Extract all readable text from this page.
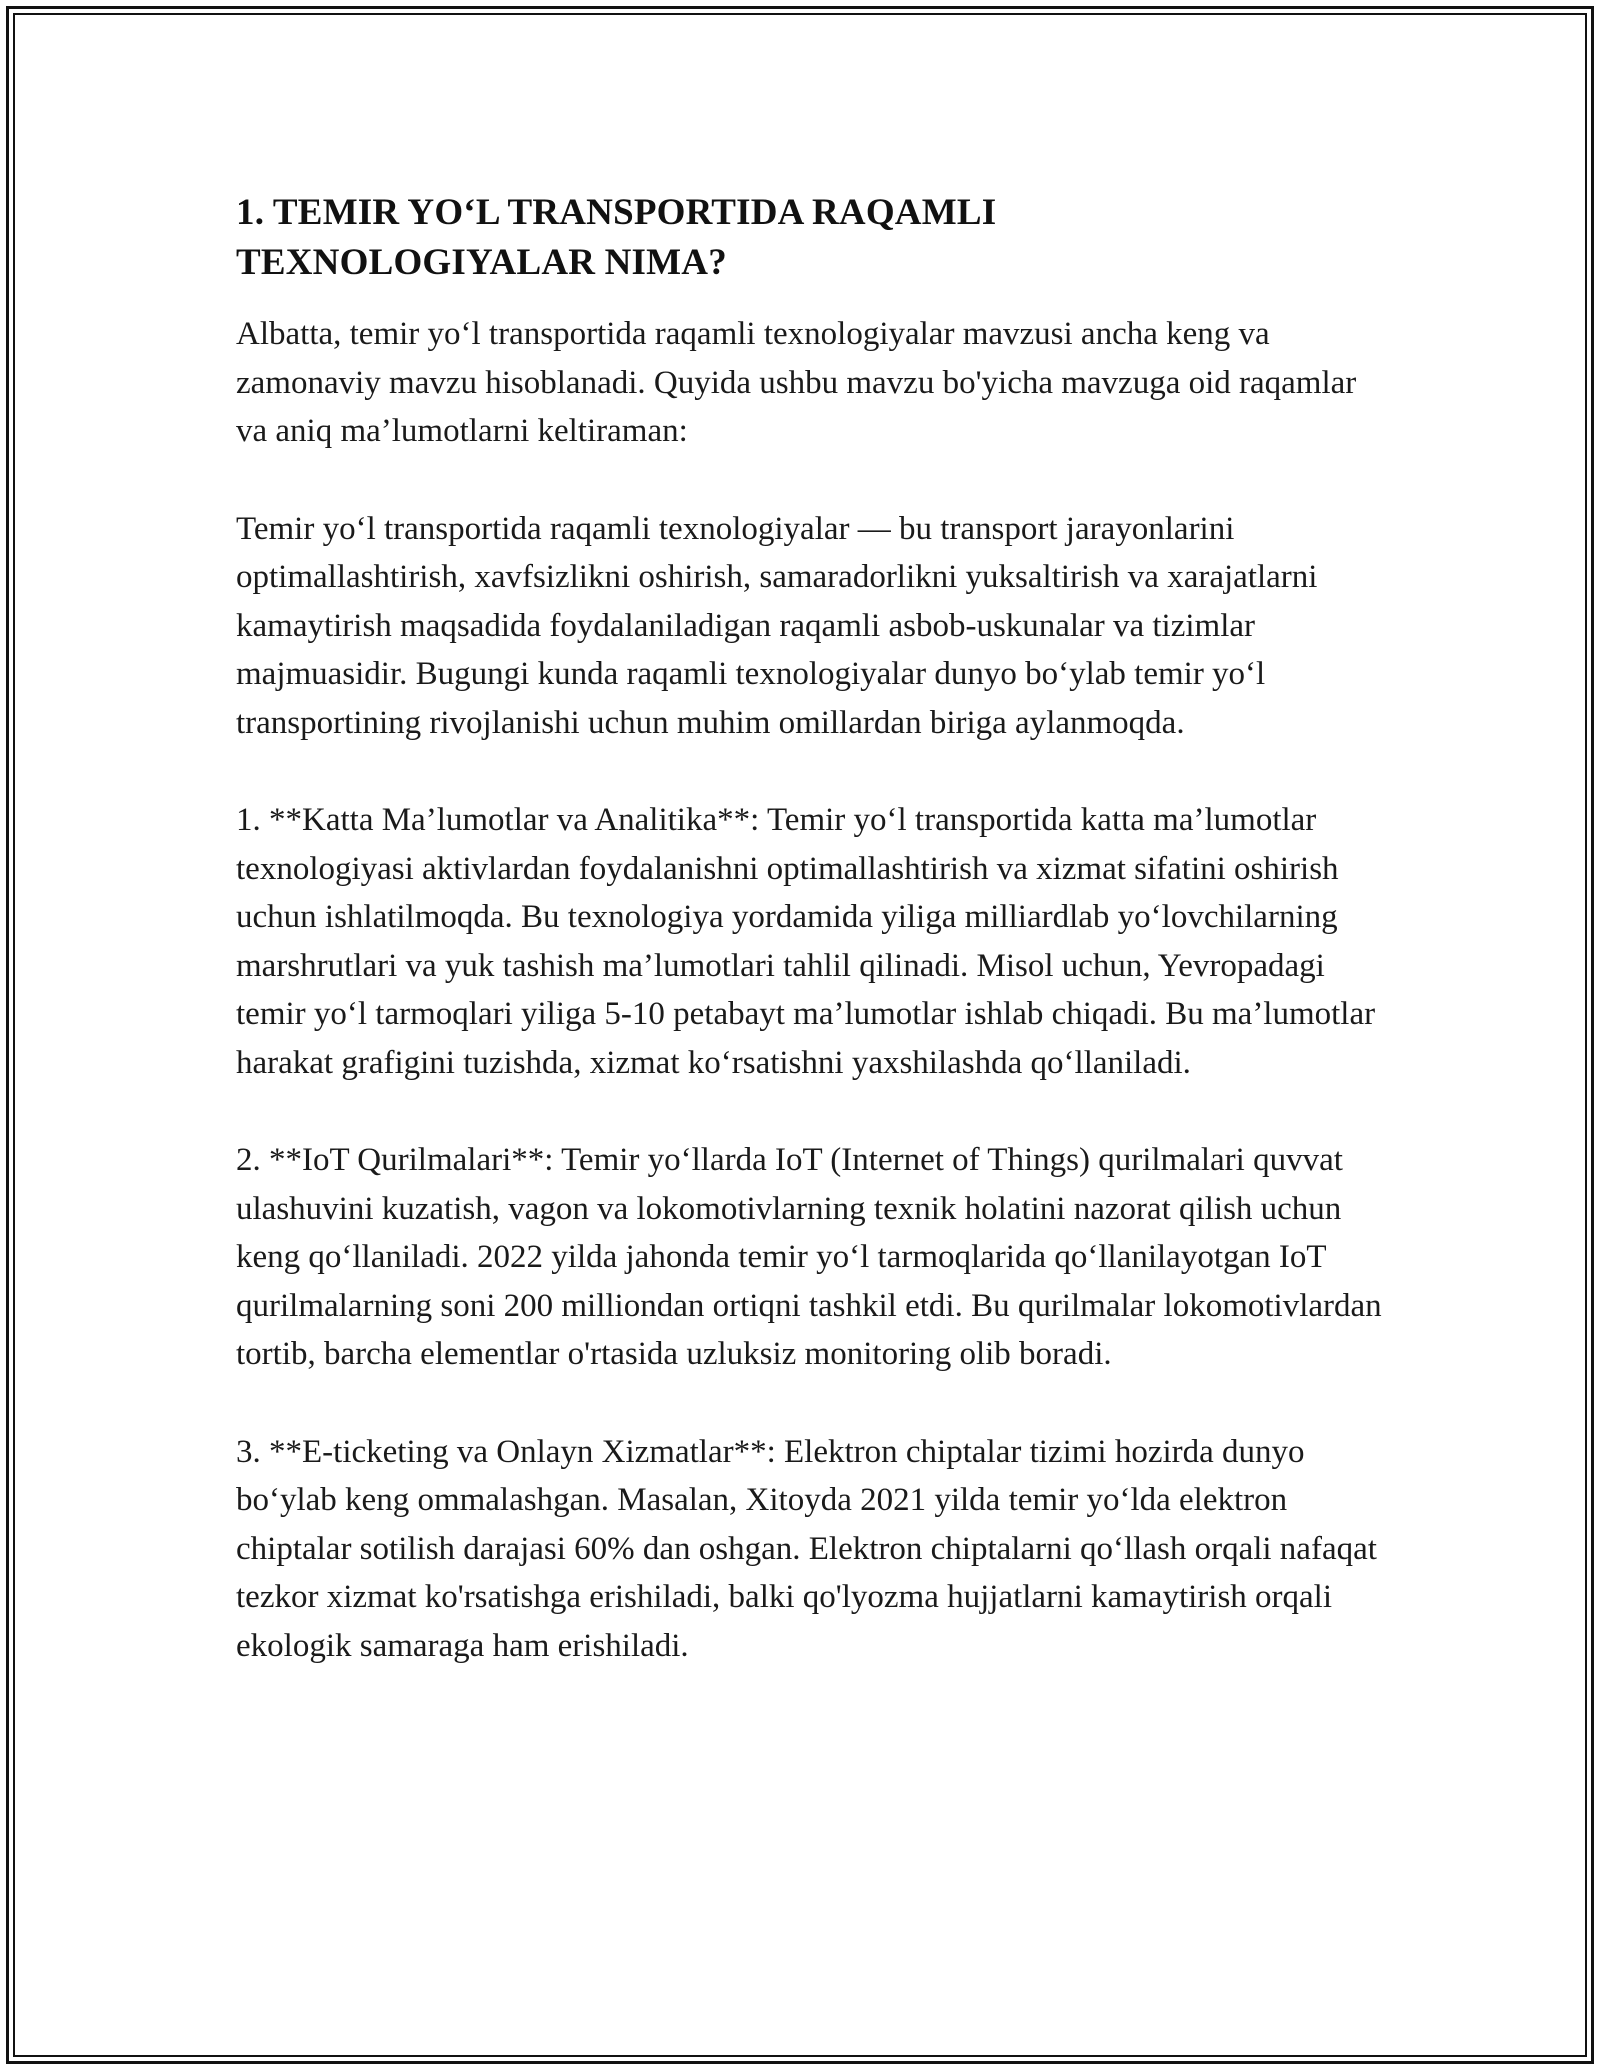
1. TEMIR YO‘L TRANSPORTIDA RAQAMLI
TEXNOLOGIYALAR NIMA?

Albatta, temir yo‘l transportida raqamli texnologiyalar mavzusi ancha keng va zamonaviy mavzu hisoblanadi. Quyida ushbu mavzu bo'yicha mavzuga oid raqamlar va aniq ma’lumotlarni keltiraman:

Temir yo‘l transportida raqamli texnologiyalar — bu transport jarayonlarini optimallashtirish, xavfsizlikni oshirish, samaradorlikni yuksaltirish va xarajatlarni kamaytirish maqsadida foydalaniladigan raqamli asbob-uskunalar va tizimlar majmuasidir. Bugungi kunda raqamli texnologiyalar dunyo bo‘ylab temir yo‘l transportining rivojlanishi uchun muhim omillardan biriga aylanmoqda.

1. **Katta Ma’lumotlar va Analitika**: Temir yo‘l transportida katta ma’lumotlar texnologiyasi aktivlardan foydalanishni optimallashtirish va xizmat sifatini oshirish uchun ishlatilmoqda. Bu texnologiya yordamida yiliga milliardlab yo‘lovchilarning marshrutlari va yuk tashish ma’lumotlari tahlil qilinadi. Misol uchun, Yevropadagi temir yo‘l tarmoqlari yiliga 5-10 petabayt ma’lumotlar ishlab chiqadi. Bu ma’lumotlar harakat grafigini tuzishda, xizmat ko‘rsatishni yaxshilashda qo‘llaniladi.

2. **IoT Qurilmalari**: Temir yo‘llarda IoT (Internet of Things) qurilmalari quvvat ulashuvini kuzatish, vagon va lokomotivlarning texnik holatini nazorat qilish uchun keng qo‘llaniladi. 2022 yilda jahonda temir yo‘l tarmoqlarida qo‘llanilayotgan IoT qurilmalarning soni 200 milliondan ortiqni tashkil etdi. Bu qurilmalar lokomotivlardan tortib, barcha elementlar o'rtasida uzluksiz monitoring olib boradi.

3. **E-ticketing va Onlayn Xizmatlar**: Elektron chiptalar tizimi hozirda dunyo bo‘ylab keng ommalashgan. Masalan, Xitoyda 2021 yilda temir yo‘lda elektron chiptalar sotilish darajasi 60% dan oshgan. Elektron chiptalarni qo‘llash orqali nafaqat tezkor xizmat ko'rsatishga erishiladi, balki qo'lyozma hujjatlarni kamaytirish orqali ekologik samaraga ham erishiladi.
